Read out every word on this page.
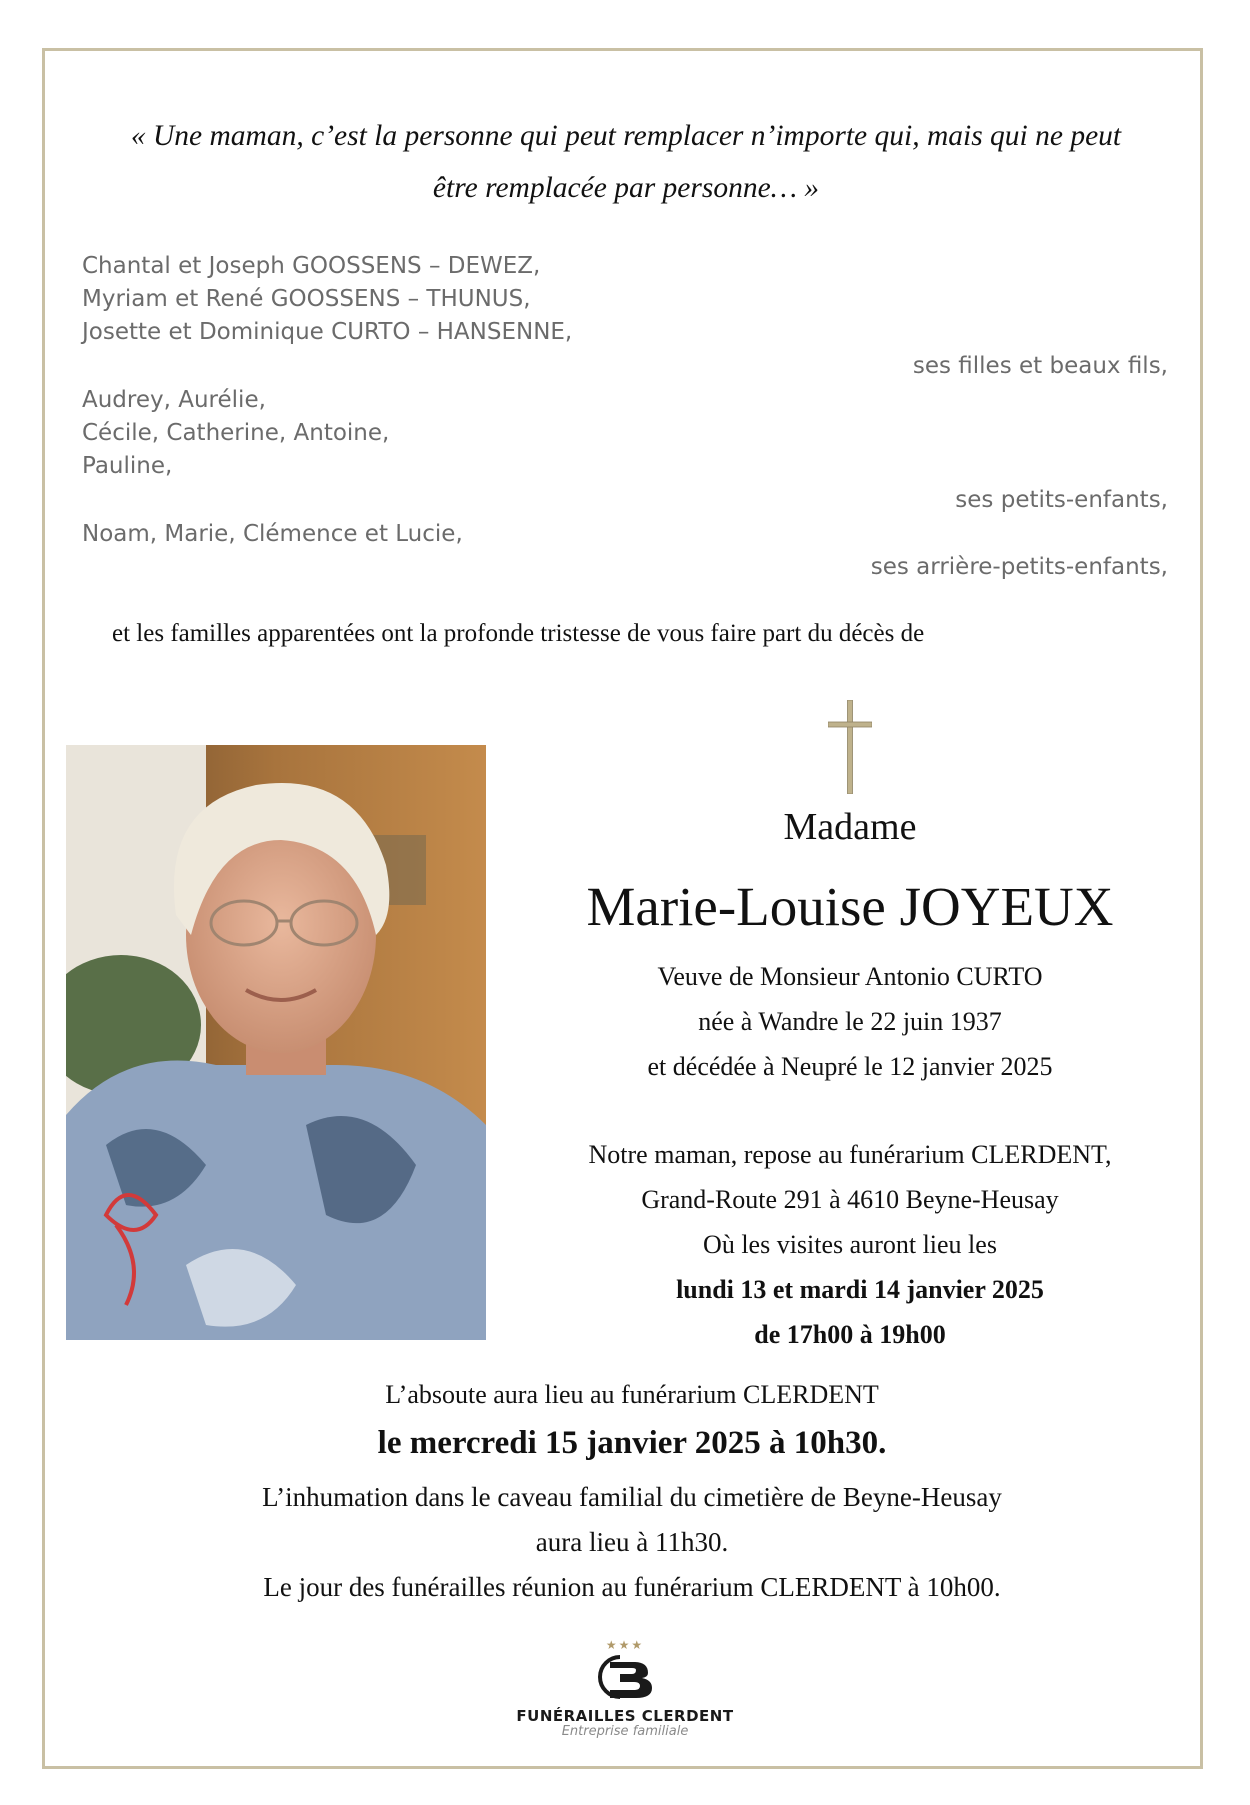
« Une maman, c’est la personne qui peut remplacer n’importe qui, mais qui ne peut
être remplacée par personne… »
Chantal et Joseph GOOSSENS – DEWEZ,
Myriam et René GOOSSENS – THUNUS,
Josette et Dominique CURTO – HANSENNE,
ses filles et beaux fils,
Audrey, Aurélie,
Cécile, Catherine, Antoine,
Pauline,
ses petits-enfants,
Noam, Marie, Clémence et Lucie,
ses arrière-petits-enfants,
et les familles apparentées ont la profonde tristesse de vous faire part du décès de
Madame
Marie-Louise JOYEUX
Veuve de Monsieur Antonio CURTO
née à Wandre le 22 juin 1937
et décédée à Neupré le 12 janvier 2025
Notre maman, repose au funérarium CLERDENT,
Grand-Route 291 à 4610 Beyne-Heusay
Où les visites auront lieu les
lundi 13 et mardi 14 janvier 2025
de 17h00 à 19h00
L’absoute aura lieu au funérarium CLERDENT
le mercredi 15 janvier 2025 à 10h30.
L’inhumation dans le caveau familial du cimetière de Beyne-Heusay
aura lieu à 11h30.
Le jour des funérailles réunion au funérarium CLERDENT à 10h00.
★★★
FUNÉRAILLES CLERDENT
Entreprise familiale
